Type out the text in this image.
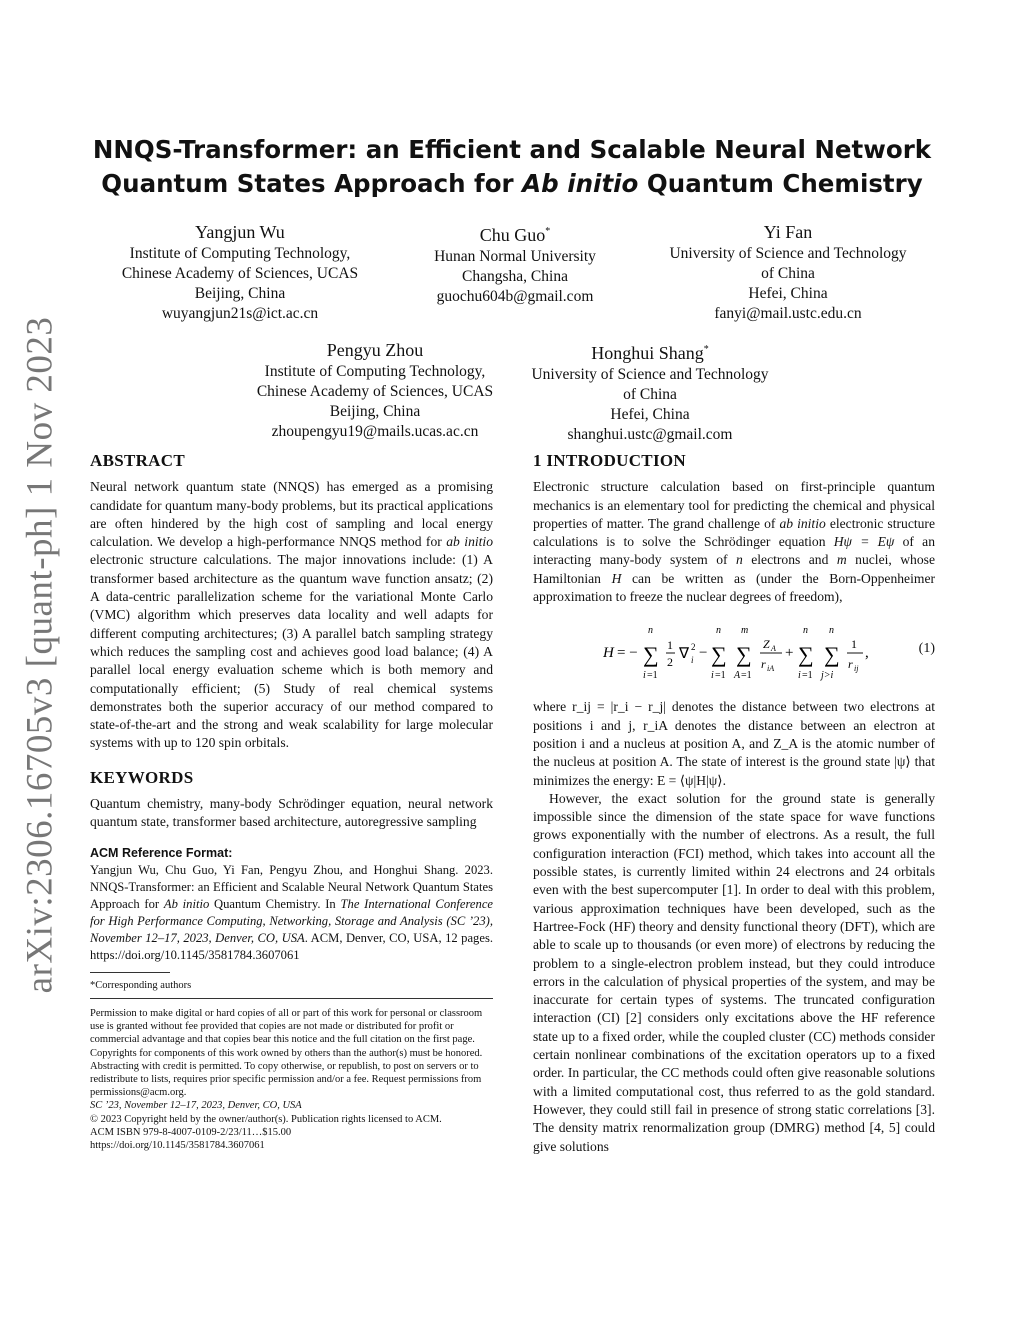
arXiv:2306.16705v3 [quant-ph] 1 Nov 2023
NNQS-Transformer: an Efficient and Scalable Neural Network
Quantum States Approach for Ab initio Quantum Chemistry
Yangjun Wu
Institute of Computing Technology,
Chinese Academy of Sciences, UCAS
Beijing, China
wuyangjun21s@ict.ac.cn
Chu Guo*
Hunan Normal University
Changsha, China
guochu604b@gmail.com
Yi Fan
University of Science and Technology
of China
Hefei, China
fanyi@mail.ustc.edu.cn
Pengyu Zhou
Institute of Computing Technology,
Chinese Academy of Sciences, UCAS
Beijing, China
zhoupengyu19@mails.ucas.ac.cn
Honghui Shang*
University of Science and Technology
of China
Hefei, China
shanghui.ustc@gmail.com
ABSTRACT

Neural network quantum state (NNQS) has emerged as a promising candidate for quantum many-body problems, but its practical applications are often hindered by the high cost of sampling and local energy calculation. We develop a high-performance NNQS method for ab initio electronic structure calculations. The major innovations include: (1) A transformer based architecture as the quantum wave function ansatz; (2) A data-centric parallelization scheme for the variational Monte Carlo (VMC) algorithm which preserves data locality and well adapts for different computing architectures; (3) A parallel batch sampling strategy which reduces the sampling cost and achieves good load balance; (4) A parallel local energy evaluation scheme which is both memory and computationally efficient; (5) Study of real chemical systems demonstrates both the superior accuracy of our method compared to state-of-the-art and the strong and weak scalability for large molecular systems with up to 120 spin orbitals.

KEYWORDS

Quantum chemistry, many-body Schrödinger equation, neural network quantum state, transformer based architecture, autoregressive sampling

ACM Reference Format:

Yangjun Wu, Chu Guo, Yi Fan, Pengyu Zhou, and Honghui Shang. 2023. NNQS-Transformer: an Efficient and Scalable Neural Network Quantum States Approach for Ab initio Quantum Chemistry. In The International Conference for High Performance Computing, Networking, Storage and Analysis (SC ’23), November 12–17, 2023, Denver, CO, USA. ACM, Denver, CO, USA, 12 pages. https://doi.org/10.1145/3581784.3607061

*Corresponding authors

Permission to make digital or hard copies of all or part of this work for personal or classroom use is granted without fee provided that copies are not made or distributed for profit or commercial advantage and that copies bear this notice and the full citation on the first page. Copyrights for components of this work owned by others than the author(s) must be honored. Abstracting with credit is permitted. To copy otherwise, or republish, to post on servers or to redistribute to lists, requires prior specific permission and/or a fee. Request permissions from permissions@acm.org.

SC ’23, November 12–17, 2023, Denver, CO, USA

© 2023 Copyright held by the owner/author(s). Publication rights licensed to ACM.

ACM ISBN 979-8-4007-0109-2/23/11…$15.00

https://doi.org/10.1145/3581784.3607061

1 INTRODUCTION

Electronic structure calculation based on first-principle quantum mechanics is an elementary tool for predicting the chemical and physical properties of matter. The grand challenge of ab initio electronic structure calculations is to solve the Schrödinger equation Hψ = Eψ of an interacting many-body system of n electrons and m nuclei, whose Hamiltonian H can be written as (under the Born-Oppenheimer approximation to freeze the nuclear degrees of freedom),

H = −
n
∑
i =1
1
2 ∇ 2
i −
n
∑
i =1
m
∑
A =1
Z A
r iA
+
n
∑
i =1
n
∑
j>i
1
r ij
,	(1)

where r_ij = |r_i − r_j| denotes the distance between two electrons at positions i and j, r_iA denotes the distance between an electron at position i and a nucleus at position A, and Z_A is the atomic number of the nucleus at position A. The state of interest is the ground state |ψ⟩ that minimizes the energy: E = ⟨ψ|H|ψ⟩.

However, the exact solution for the ground state is generally impossible since the dimension of the state space for wave functions grows exponentially with the number of electrons. As a result, the full configuration interaction (FCI) method, which takes into account all the possible states, is currently limited within 24 electrons and 24 orbitals even with the best supercomputer [1]. In order to deal with this problem, various approximation techniques have been developed, such as the Hartree-Fock (HF) theory and density functional theory (DFT), which are able to scale up to thousands (or even more) of electrons by reducing the problem to a single-electron problem instead, but they could introduce errors in the calculation of physical properties of the system, and may be inaccurate for certain types of systems. The truncated configuration interaction (CI) [2] considers only excitations above the HF reference state up to a fixed order, while the coupled cluster (CC) methods consider certain nonlinear combinations of the excitation operators up to a fixed order. In particular, the CC methods could often give reasonable solutions with a limited computational cost, thus referred to as the gold standard. However, they could still fail in presence of strong static correlations [3]. The density matrix renormalization group (DMRG) method [4, 5] could give solutions
